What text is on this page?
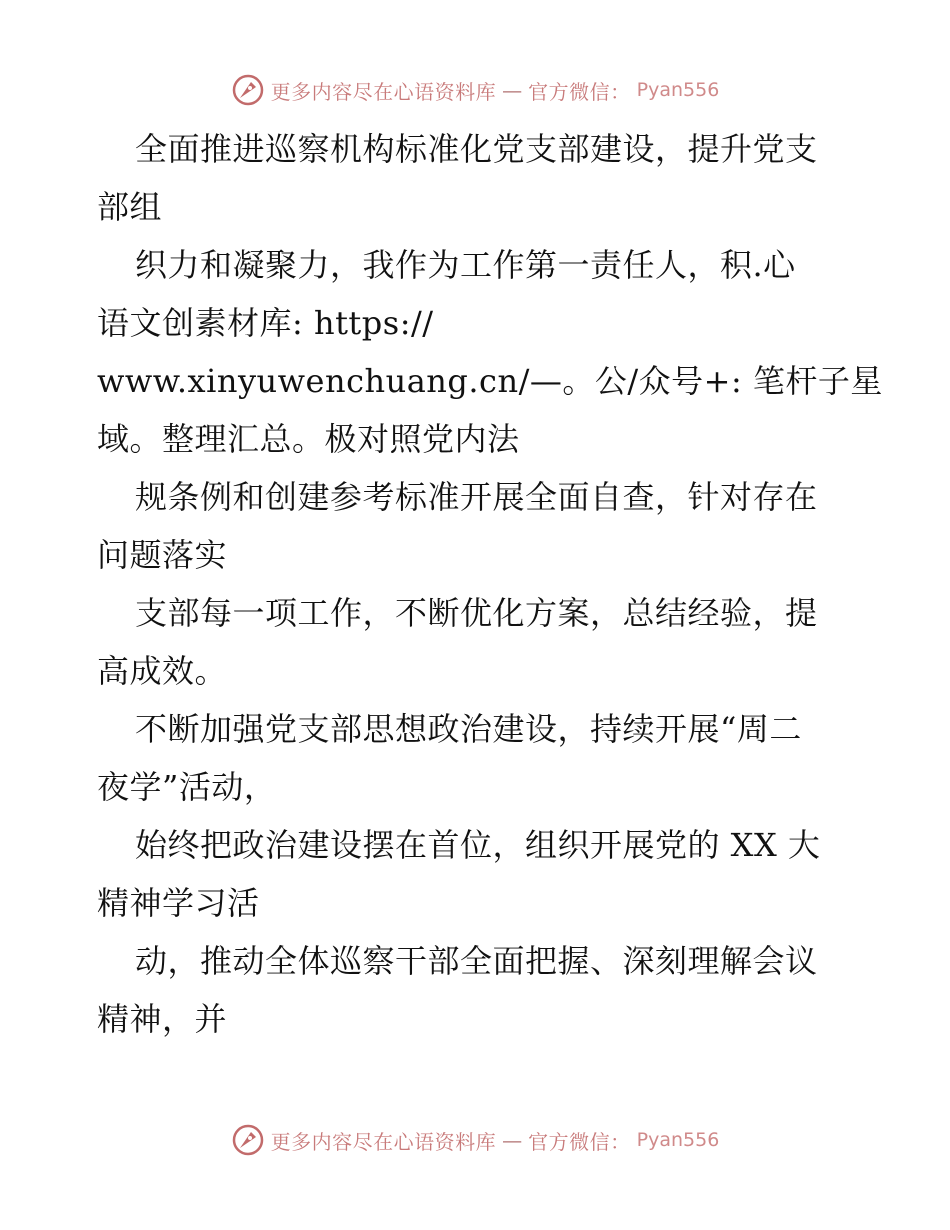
更多内容尽在心语资料库 — 官方微信： Pyan556
全面推进巡察机构标准化党支部建设，提升党支
部组
织力和凝聚力，我作为工作第一责任人，积.心
语文创素材库: https://
www.xinyuwenchuang.cn/—。公/众号+: 笔杆子星
域。整理汇总。极对照党内法
规条例和创建参考标准开展全面自查，针对存在
问题落实
支部每一项工作，不断优化方案，总结经验，提
高成效。
不断加强党支部思想政治建设，持续开展“周二
夜学”活动，
始终把政治建设摆在首位，组织开展党的 XX 大
精神学习活
动，推动全体巡察干部全面把握、深刻理解会议
精神，并
更多内容尽在心语资料库 — 官方微信： Pyan556
